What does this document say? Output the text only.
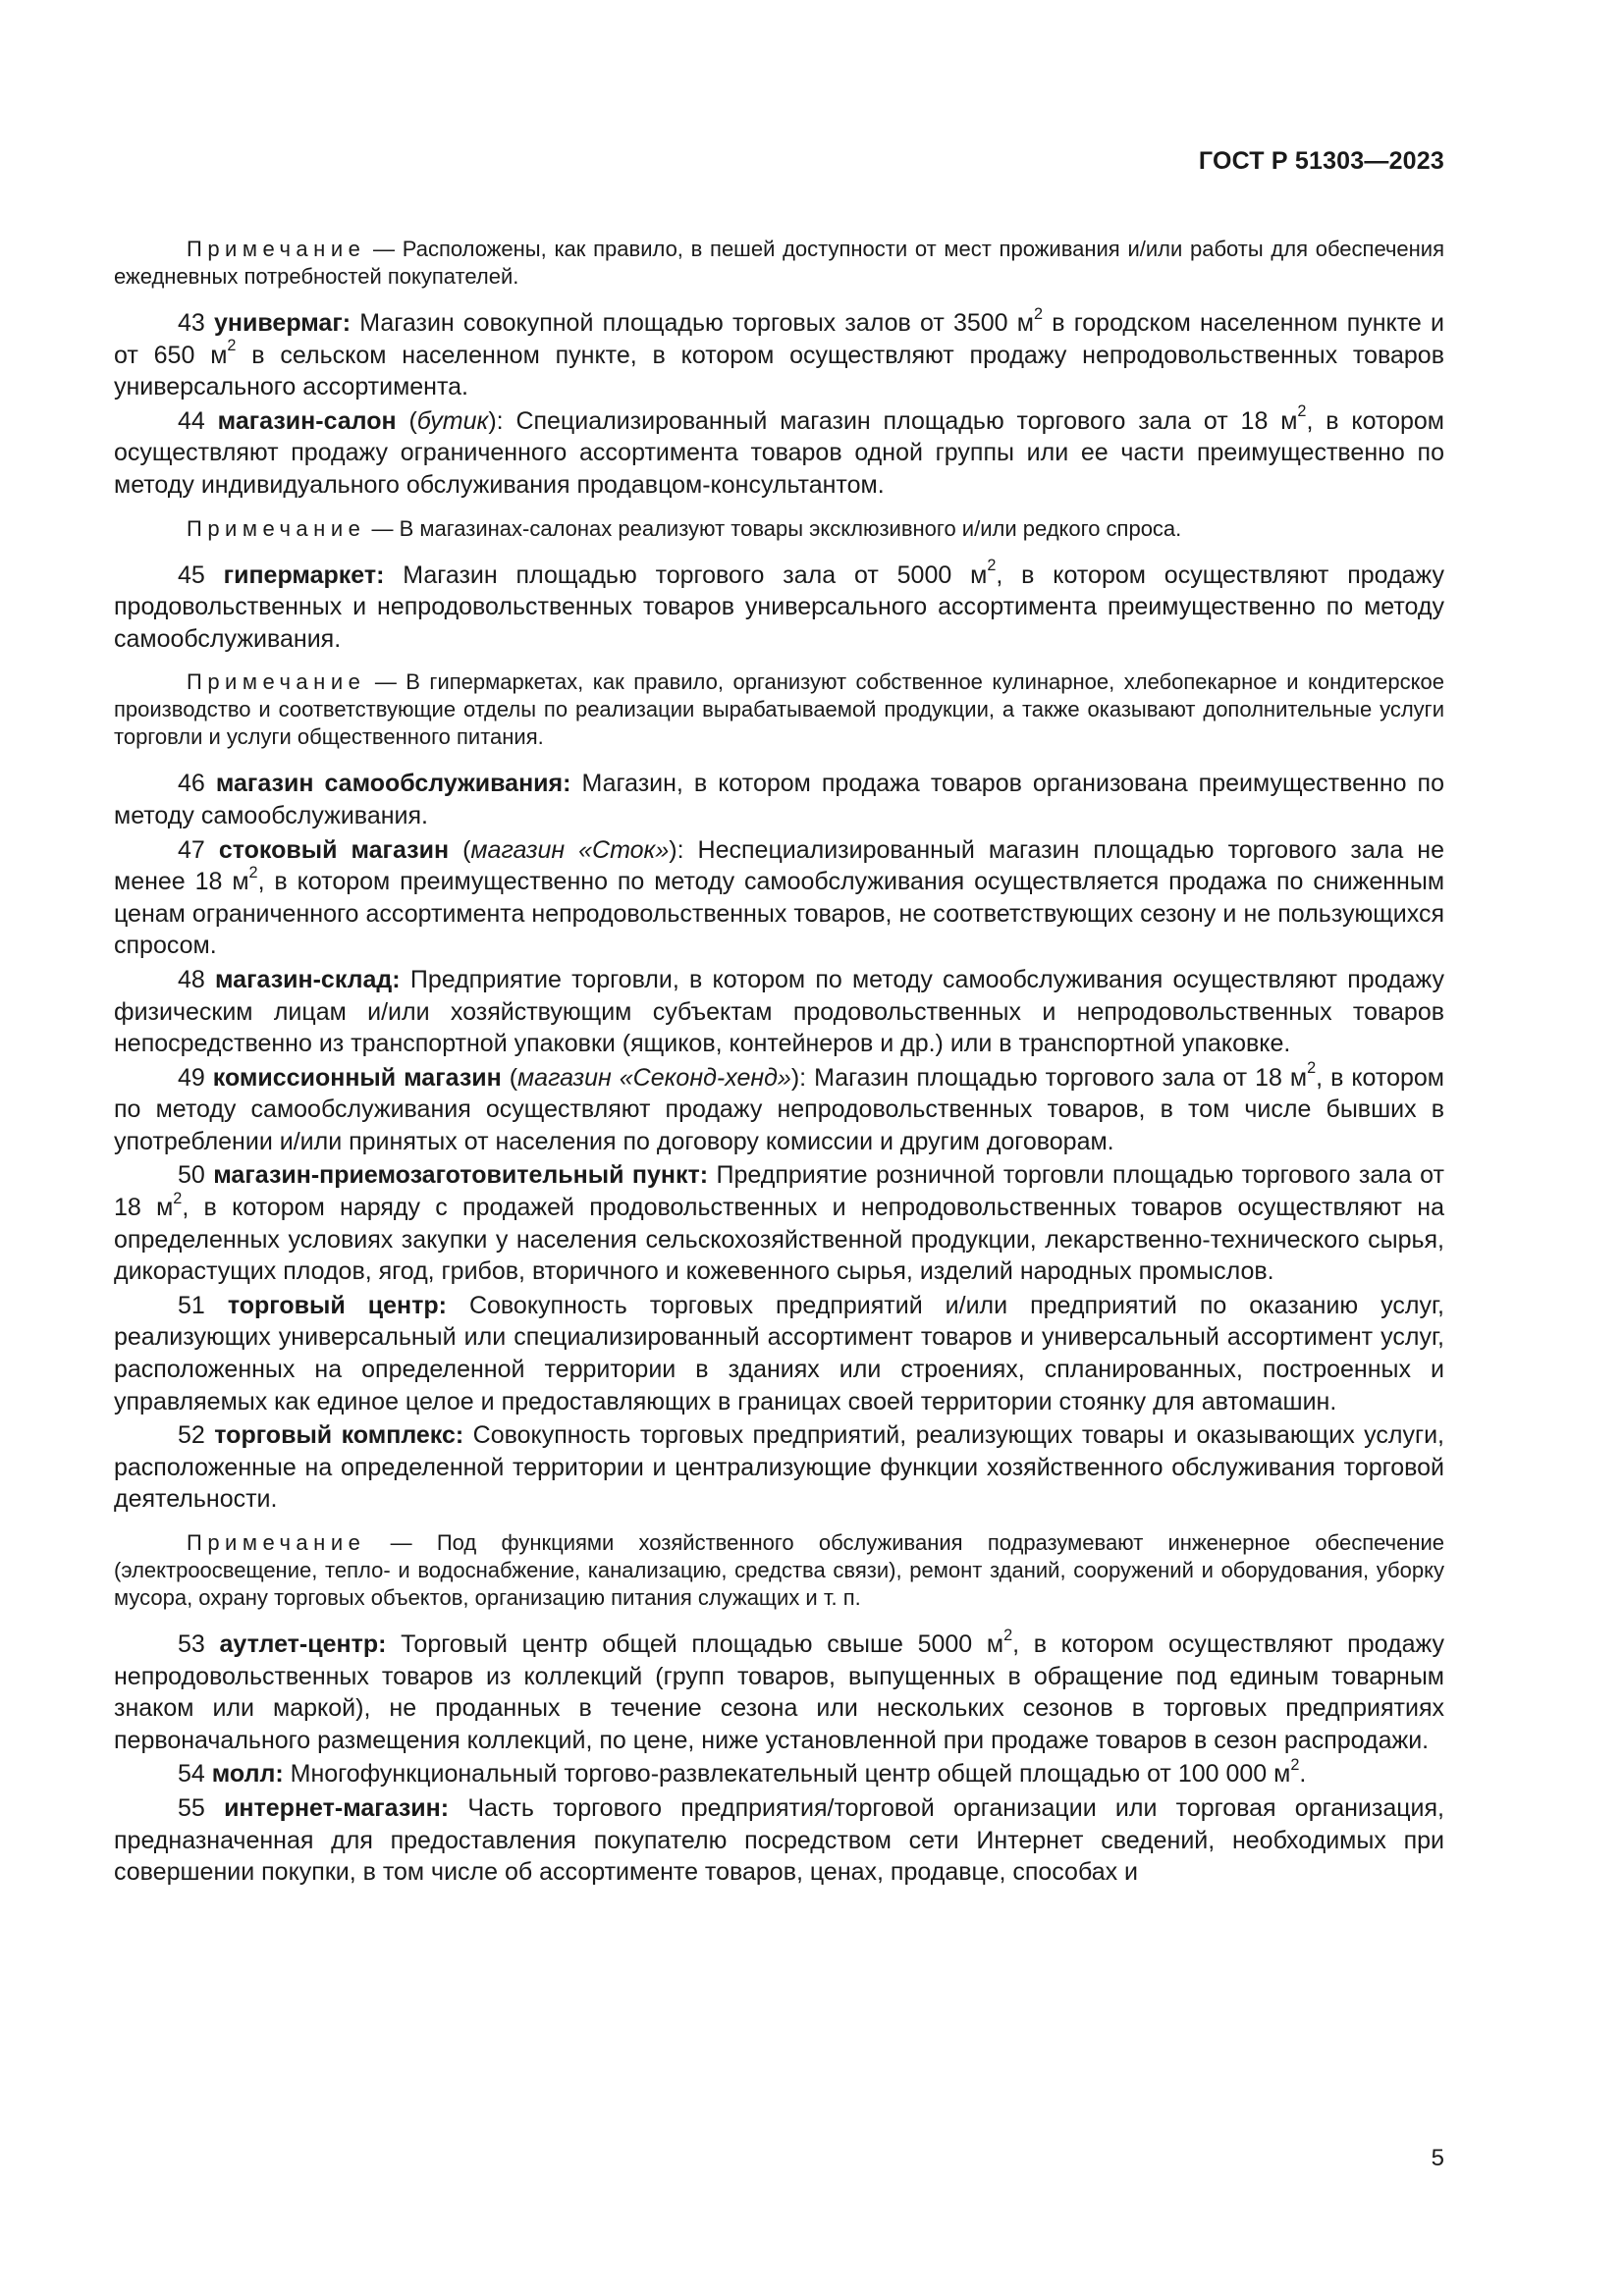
ГОСТ Р 51303—2023

Примечание — Расположены, как правило, в пешей доступности от мест проживания и/или работы для обеспечения ежедневных потребностей покупателей.

43 универмаг: Магазин совокупной площадью торговых залов от 3500 $м^2$ в городском населенном пункте и от 650 $м^2$ в сельском населенном пункте, в котором осуществляют продажу непродовольственных товаров универсального ассортимента.

44 магазин-салон (бутик): Специализированный магазин площадью торгового зала от 18 $м^2$, в котором осуществляют продажу ограниченного ассортимента товаров одной группы или ее части преимущественно по методу индивидуального обслуживания продавцом-консультантом.

Примечание — В магазинах-салонах реализуют товары эксклюзивного и/или редкого спроса.

45 гипермаркет: Магазин площадью торгового зала от 5000 $м^2$, в котором осуществляют продажу продовольственных и непродовольственных товаров универсального ассортимента преимущественно по методу самообслуживания.

Примечание — В гипермаркетах, как правило, организуют собственное кулинарное, хлебопекарное и кондитерское производство и соответствующие отделы по реализации вырабатываемой продукции, а также оказывают дополнительные услуги торговли и услуги общественного питания.

46 магазин самообслуживания: Магазин, в котором продажа товаров организована преимущественно по методу самообслуживания.

47 стоковый магазин (магазин «Сток»): Неспециализированный магазин площадью торгового зала не менее 18 $м^2$, в котором преимущественно по методу самообслуживания осуществляется продажа по сниженным ценам ограниченного ассортимента непродовольственных товаров, не соответствующих сезону и не пользующихся спросом.

48 магазин-склад: Предприятие торговли, в котором по методу самообслуживания осуществляют продажу физическим лицам и/или хозяйствующим субъектам продовольственных и непродовольственных товаров непосредственно из транспортной упаковки (ящиков, контейнеров и др.) или в транспортной упаковке.

49 комиссионный магазин (магазин «Секонд-хенд»): Магазин площадью торгового зала от 18 $м^2$, в котором по методу самообслуживания осуществляют продажу непродовольственных товаров, в том числе бывших в употреблении и/или принятых от населения по договору комиссии и другим договорам.

50 магазин-приемозаготовительный пункт: Предприятие розничной торговли площадью торгового зала от 18 $м^2$, в котором наряду с продажей продовольственных и непродовольственных товаров осуществляют на определенных условиях закупки у населения сельскохозяйственной продукции, лекарственно-технического сырья, дикорастущих плодов, ягод, грибов, вторичного и кожевенного сырья, изделий народных промыслов.

51 торговый центр: Совокупность торговых предприятий и/или предприятий по оказанию услуг, реализующих универсальный или специализированный ассортимент товаров и универсальный ассортимент услуг, расположенных на определенной территории в зданиях или строениях, спланированных, построенных и управляемых как единое целое и предоставляющих в границах своей территории стоянку для автомашин.

52 торговый комплекс: Совокупность торговых предприятий, реализующих товары и оказывающих услуги, расположенные на определенной территории и централизующие функции хозяйственного обслуживания торговой деятельности.

Примечание — Под функциями хозяйственного обслуживания подразумевают инженерное обеспечение (электроосвещение, тепло- и водоснабжение, канализацию, средства связи), ремонт зданий, сооружений и оборудования, уборку мусора, охрану торговых объектов, организацию питания служащих и т. п.

53 аутлет-центр: Торговый центр общей площадью свыше 5000 $м^2$, в котором осуществляют продажу непродовольственных товаров из коллекций (групп товаров, выпущенных в обращение под единым товарным знаком или маркой), не проданных в течение сезона или нескольких сезонов в торговых предприятиях первоначального размещения коллекций, по цене, ниже установленной при продаже товаров в сезон распродажи.

54 молл: Многофункциональный торгово-развлекательный центр общей площадью от 100 000 $м^2$.

55 интернет-магазин: Часть торгового предприятия/торговой организации или торговая организация, предназначенная для предоставления покупателю посредством сети Интернет сведений, необходимых при совершении покупки, в том числе об ассортименте товаров, ценах, продавце, способах и

5
